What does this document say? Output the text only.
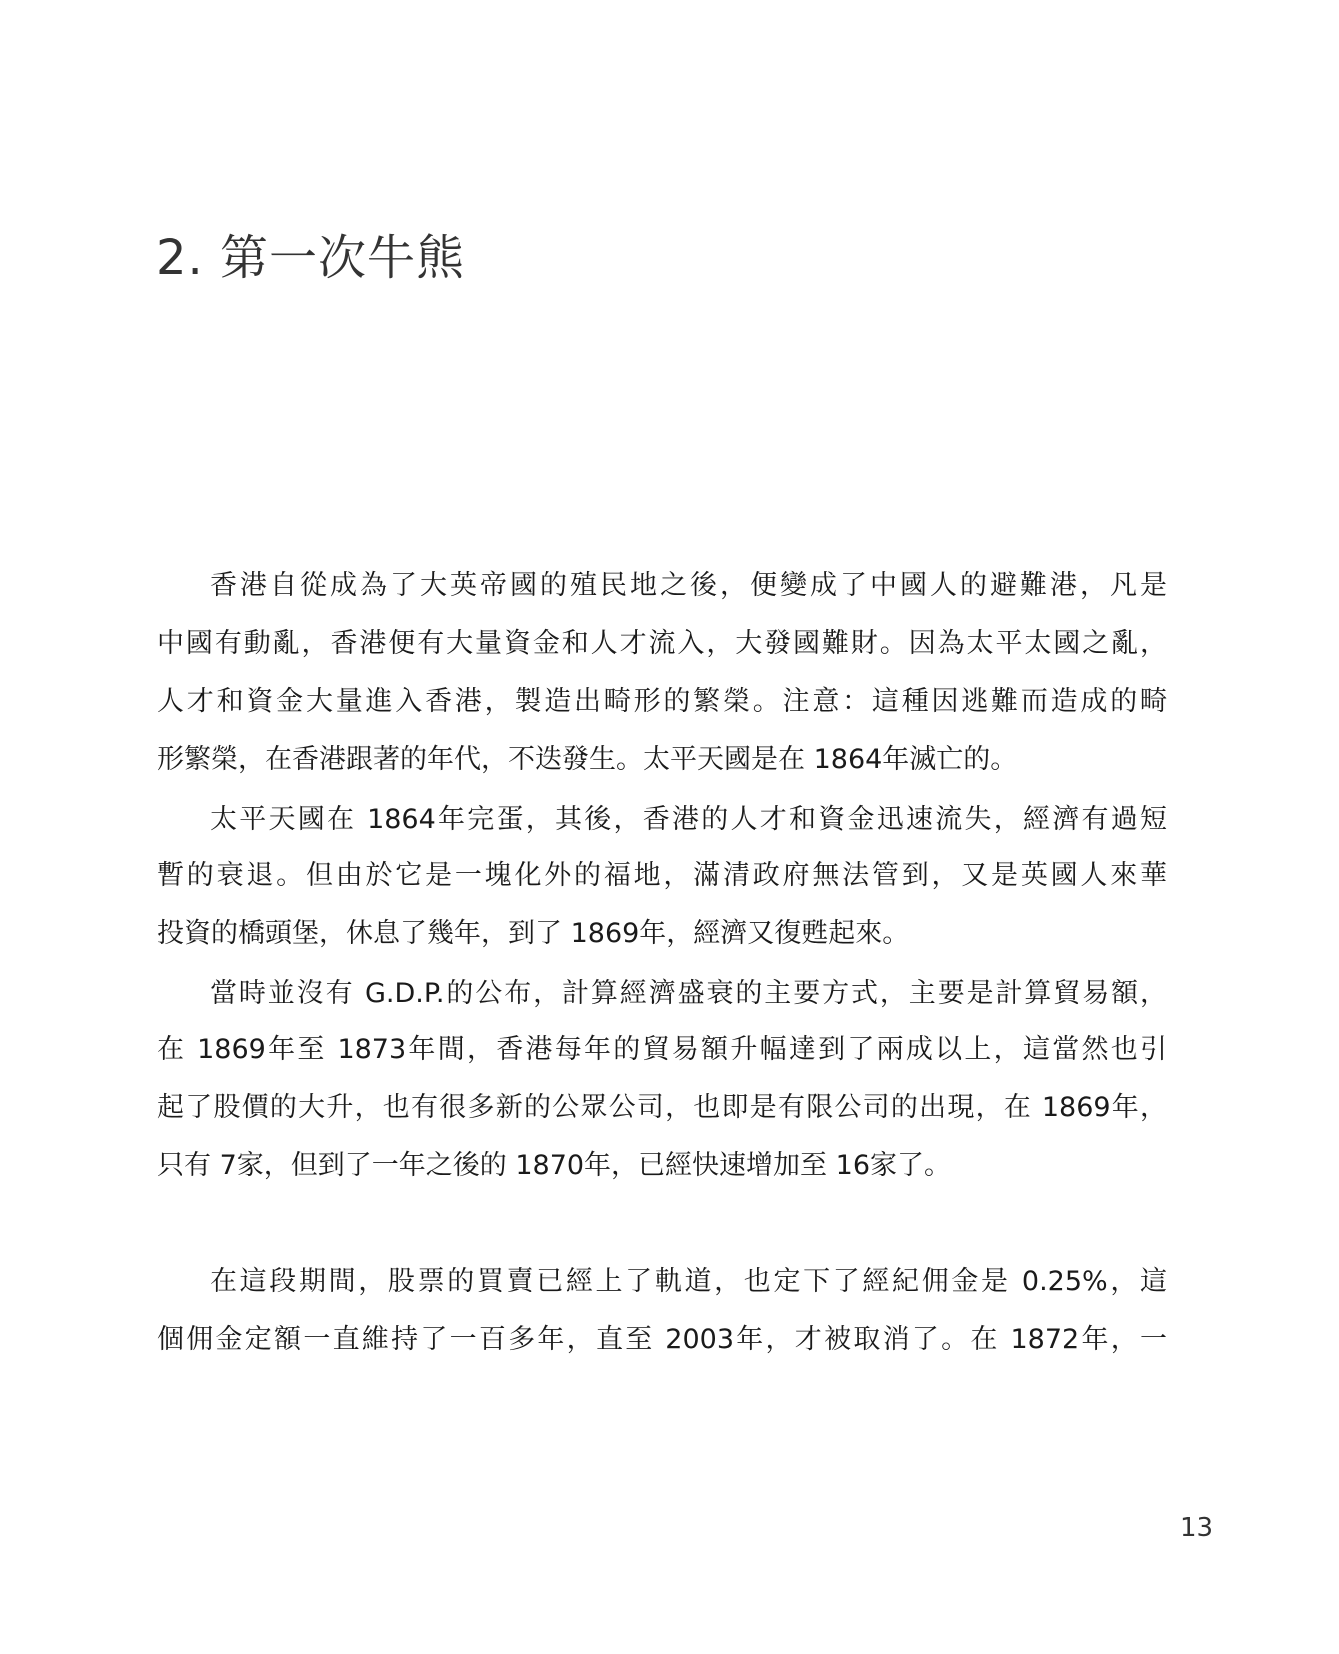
2. 第一次牛熊
香港自從成為了大英帝國的殖民地之後，便變成了中國人的避難港，凡是
中國有動亂，香港便有大量資金和人才流入，大發國難財。因為太平太國之亂，
人才和資金大量進入香港，製造出畸形的繁榮。注意：這種因逃難而造成的畸
形繁榮，在香港跟著的年代，不迭發生。太平天國是在 1864年滅亡的。
太平天國在 1864年完蛋，其後，香港的人才和資金迅速流失，經濟有過短
暫的衰退。但由於它是一塊化外的福地，滿清政府無法管到，又是英國人來華
投資的橋頭堡，休息了幾年，到了 1869年，經濟又復甦起來。
當時並沒有 G.D.P.的公布，計算經濟盛衰的主要方式，主要是計算貿易額，
在 1869年至 1873年間，香港每年的貿易額升幅達到了兩成以上，這當然也引
起了股價的大升，也有很多新的公眾公司，也即是有限公司的出現，在 1869年，
只有 7家，但到了一年之後的 1870年，已經快速增加至 16家了。
在這段期間，股票的買賣已經上了軌道，也定下了經紀佣金是 0.25%，這
個佣金定額一直維持了一百多年，直至 2003年，才被取消了。在 1872年，一
13
